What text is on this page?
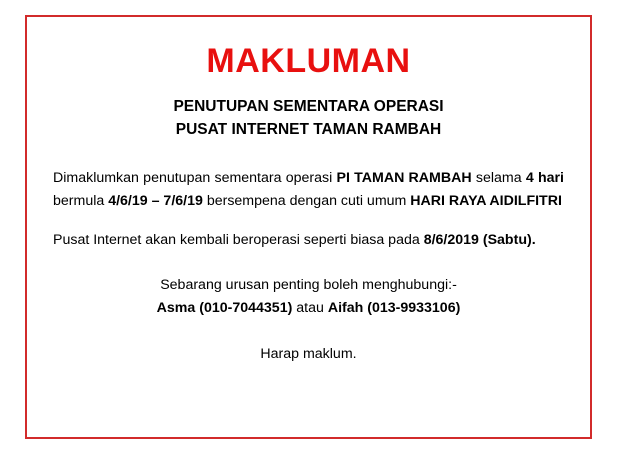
MAKLUMAN
PENUTUPAN SEMENTARA OPERASI
PUSAT INTERNET TAMAN RAMBAH

Dimaklumkan penutupan sementara operasi PI TAMAN RAMBAH selama 4 hari bermula 4/6/19 – 7/6/19 bersempena dengan cuti umum HARI RAYA AIDILFITRI

Pusat Internet akan kembali beroperasi seperti biasa pada 8/6/2019 (Sabtu).

Sebarang urusan penting boleh menghubungi:-
Asma (010-7044351) atau Aifah (013-9933106)
Harap maklum.
